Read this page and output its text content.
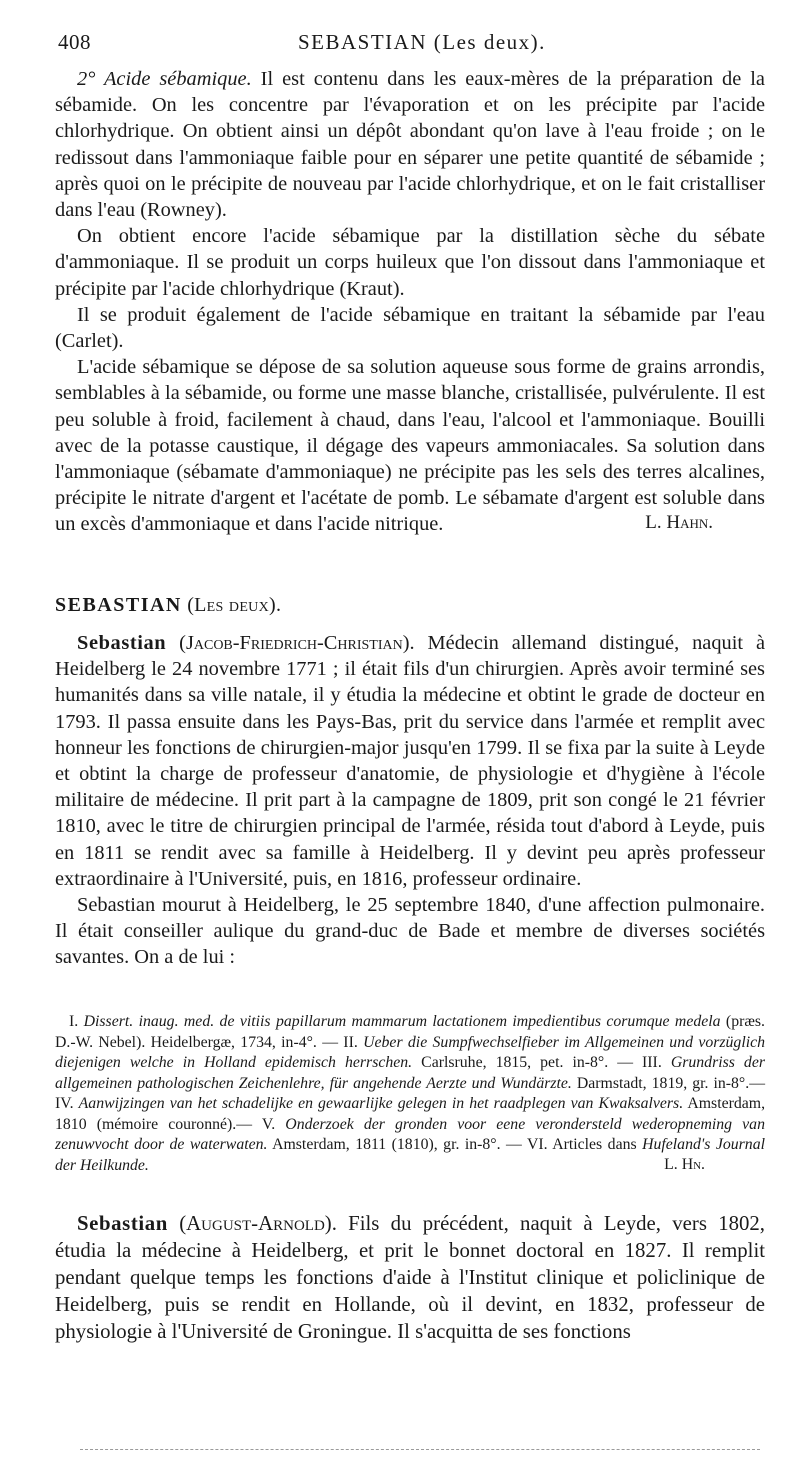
408	SEBASTIAN (Les deux).

2° Acide sébamique. Il est contenu dans les eaux-mères de la préparation de la sébamide. On les concentre par l'évaporation et on les précipite par l'acide chlorhydrique. On obtient ainsi un dépôt abondant qu'on lave à l'eau froide ; on le redissout dans l'ammoniaque faible pour en séparer une petite quantité de sébamide ; après quoi on le précipite de nouveau par l'acide chlorhydrique, et on le fait cristalliser dans l'eau (Rowney).

On obtient encore l'acide sébamique par la distillation sèche du sébate d'ammoniaque. Il se produit un corps huileux que l'on dissout dans l'ammoniaque et précipite par l'acide chlorhydrique (Kraut).

Il se produit également de l'acide sébamique en traitant la sébamide par l'eau (Carlet).

L'acide sébamique se dépose de sa solution aqueuse sous forme de grains arrondis, semblables à la sébamide, ou forme une masse blanche, cristallisée, pulvérulente. Il est peu soluble à froid, facilement à chaud, dans l'eau, l'alcool et l'ammoniaque. Bouilli avec de la potasse caustique, il dégage des vapeurs ammoniacales. Sa solution dans l'ammoniaque (sébamate d'ammoniaque) ne précipite pas les sels des terres alcalines, précipite le nitrate d'argent et l'acétate de pomb. Le sébamate d'argent est soluble dans un excès d'ammoniaque et dans l'acide nitrique.	L. Hahn.

SEBASTIAN (Les deux).

Sebastian (Jacob-Friedrich-Christian). Médecin allemand distingué, naquit à Heidelberg le 24 novembre 1771 ; il était fils d'un chirurgien. Après avoir terminé ses humanités dans sa ville natale, il y étudia la médecine et obtint le grade de docteur en 1793. Il passa ensuite dans les Pays-Bas, prit du service dans l'armée et remplit avec honneur les fonctions de chirurgien-major jusqu'en 1799. Il se fixa par la suite à Leyde et obtint la charge de professeur d'anatomie, de physiologie et d'hygiène à l'école militaire de médecine. Il prit part à la campagne de 1809, prit son congé le 21 février 1810, avec le titre de chirurgien principal de l'armée, résida tout d'abord à Leyde, puis en 1811 se rendit avec sa famille à Heidelberg. Il y devint peu après professeur extraordinaire à l'Université, puis, en 1816, professeur ordinaire.

Sebastian mourut à Heidelberg, le 25 septembre 1840, d'une affection pulmonaire. Il était conseiller aulique du grand-duc de Bade et membre de diverses sociétés savantes. On a de lui :

I. Dissert. inaug. med. de vitiis papillarum mammarum lactationem impedientibus corumque medela (præs. D.-W. Nebel). Heidelbergæ, 1734, in-4°. — II. Ueber die Sumpfwechselfieber im Allgemeinen und vorzüglich diejenigen welche in Holland epidemisch herrschen. Carlsruhe, 1815, pet. in-8°. — III. Grundriss der allgemeinen pathologischen Zeichenlehre, für angehende Aerzte und Wundärzte. Darmstadt, 1819, gr. in-8°.— IV. Aanwijzingen van het schadelijke en gewaarlijke gelegen in het raadplegen van Kwaksalvers. Amsterdam, 1810 (mémoire couronné).— V. Onderzoek der gronden voor eene verondersteld wederopneming van zenuwvocht door de waterwaten. Amsterdam, 1811 (1810), gr. in-8°. — VI. Articles dans Hufeland's Journal der Heilkunde.	L. Hn.

Sebastian (August-Arnold). Fils du précédent, naquit à Leyde, vers 1802, étudia la médecine à Heidelberg, et prit le bonnet doctoral en 1827. Il remplit pendant quelque temps les fonctions d'aide à l'Institut clinique et policlinique de Heidelberg, puis se rendit en Hollande, où il devint, en 1832, professeur de physiologie à l'Université de Groningue. Il s'acquitta de ses fonctions
